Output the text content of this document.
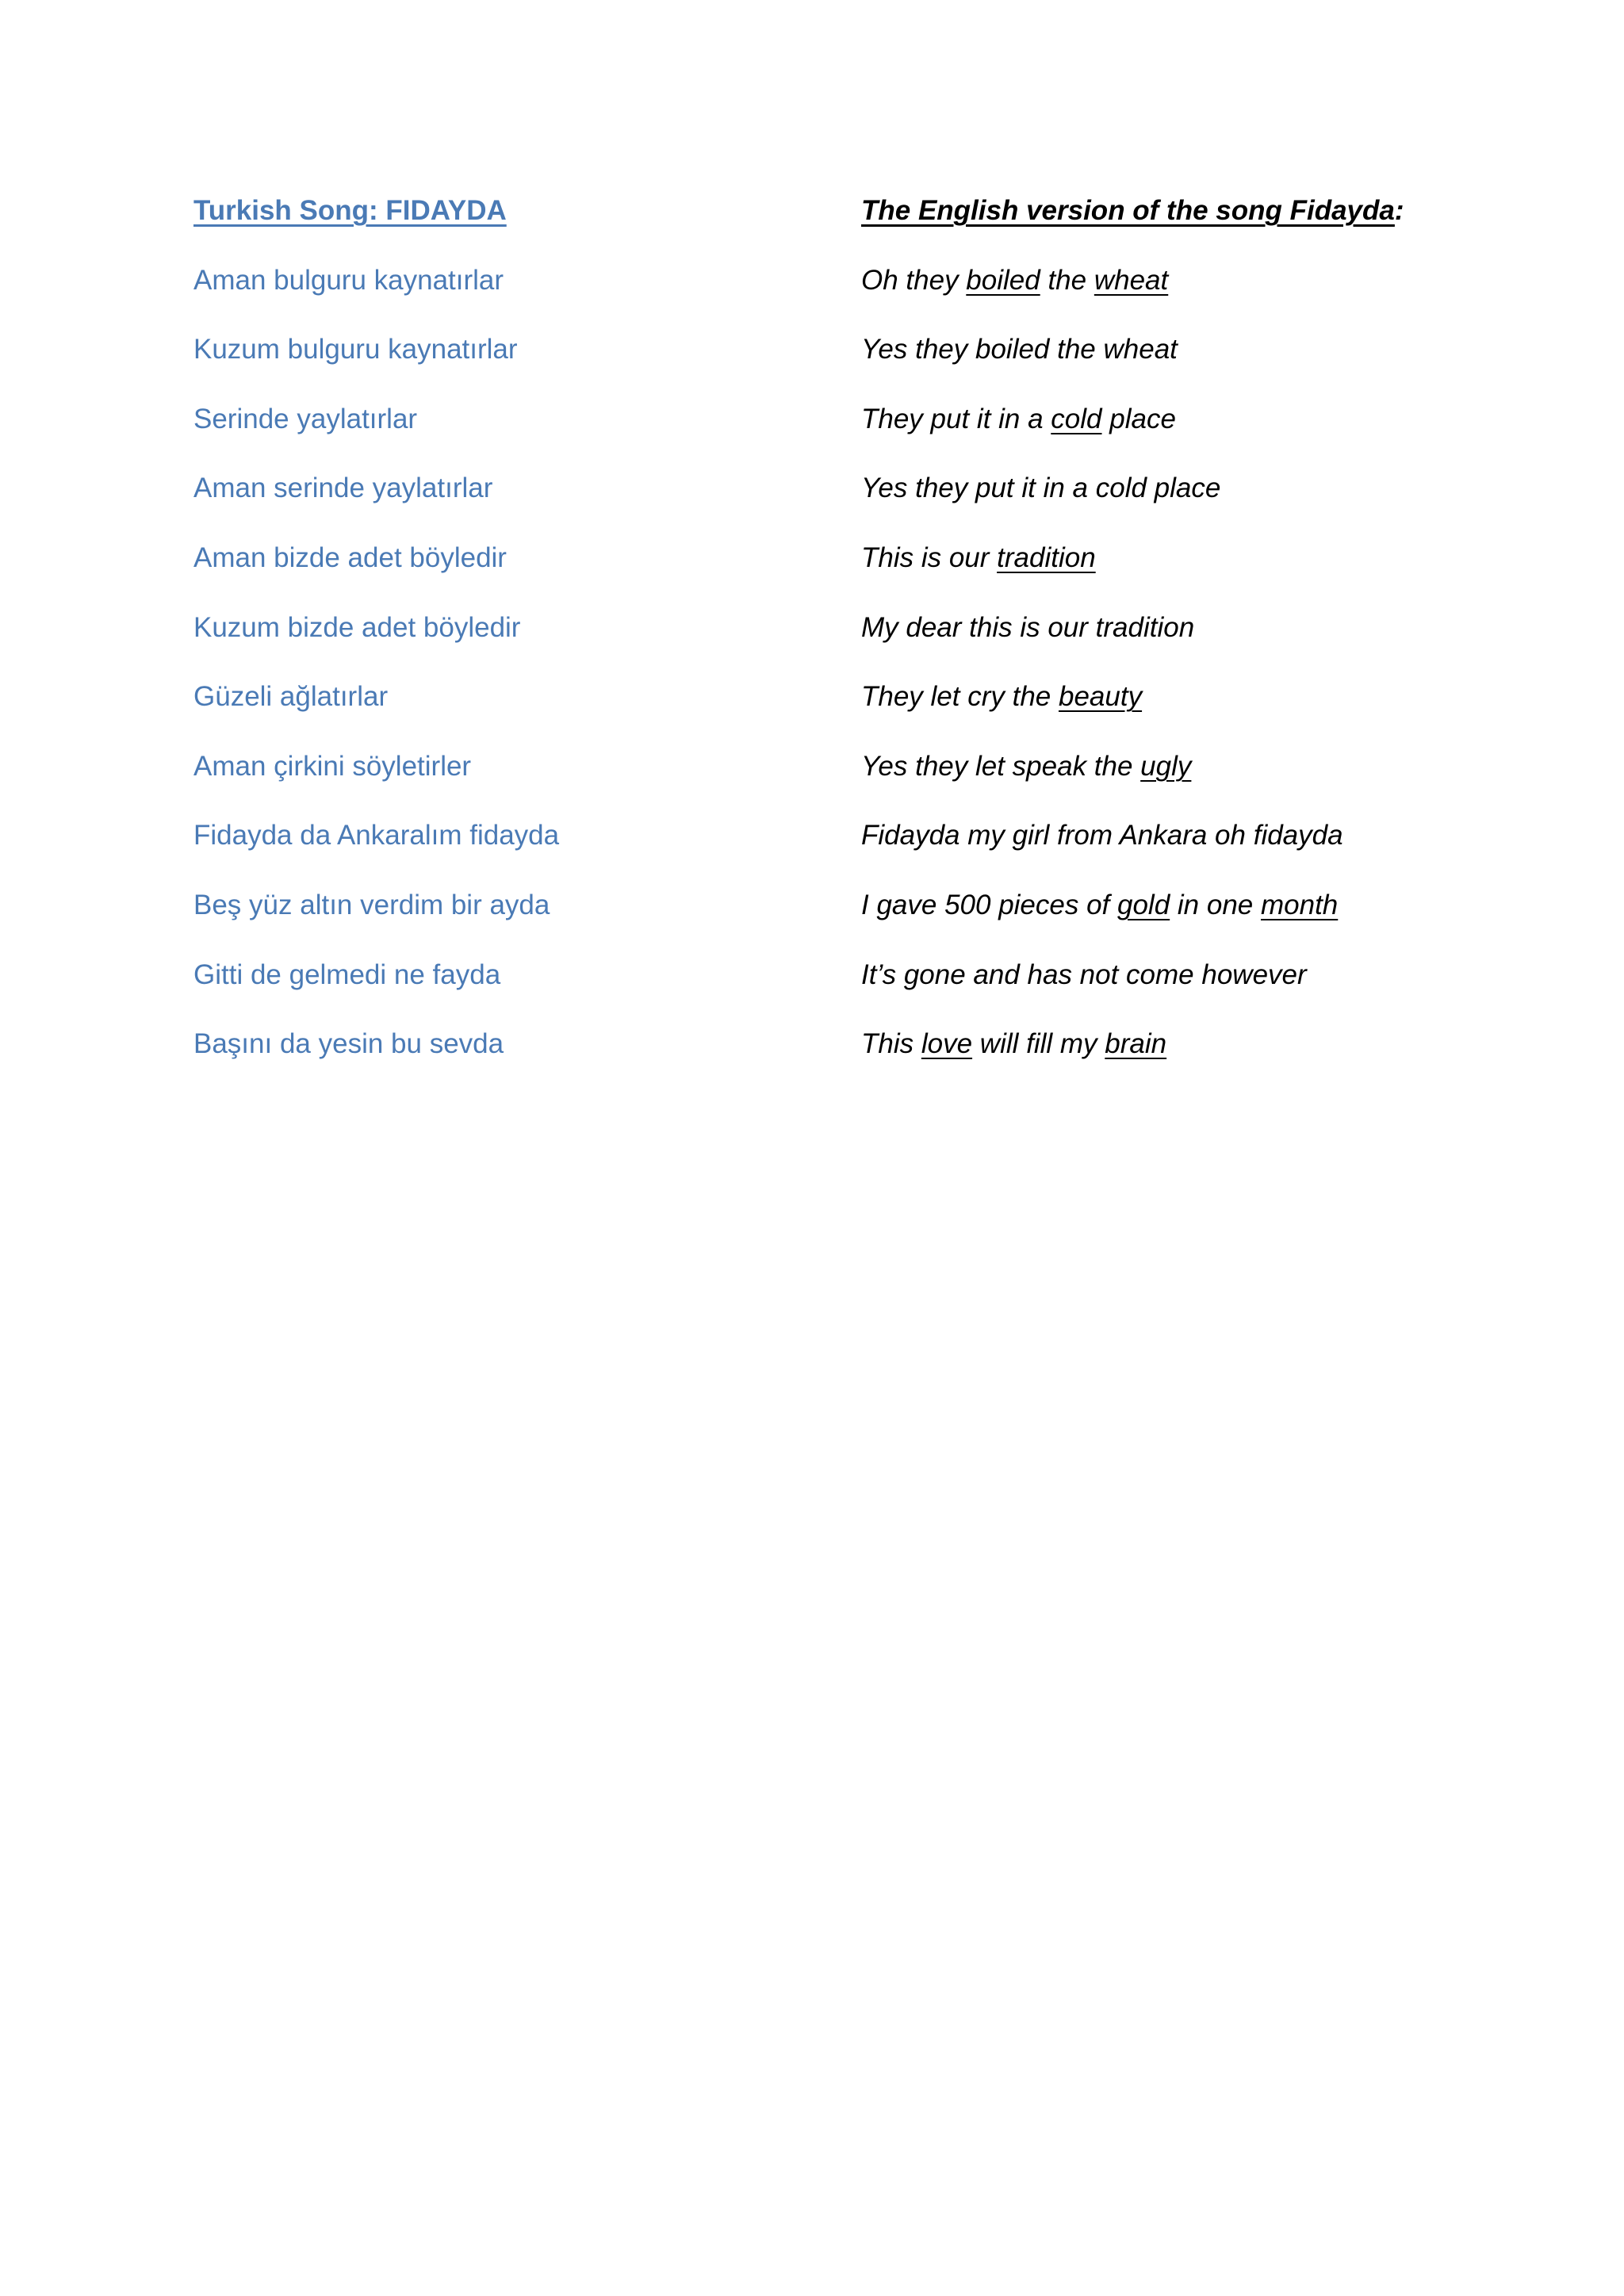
Turkish Song: FIDAYDA
Aman bulguru kaynatırlar
Kuzum bulguru kaynatırlar
Serinde yaylatırlar
Aman serinde yaylatırlar
Aman bizde adet böyledir
Kuzum bizde adet böyledir
Güzeli ağlatırlar
Aman çirkini söyletirler
Fidayda da Ankaralım fidayda
Beş yüz altın verdim bir ayda
Gitti de gelmedi ne fayda
Başını da yesin bu sevda
The English version of the song Fidayda:
Oh they boiled the wheat
Yes they boiled the wheat
They put it in a cold place
Yes they put it in a cold place
This is our tradition
My dear this is our tradition
They let cry the beauty
Yes they let speak the ugly
Fidayda my girl from Ankara oh fidayda
I gave 500 pieces of gold in one month
It’s gone and has not come however
This love will fill my brain
